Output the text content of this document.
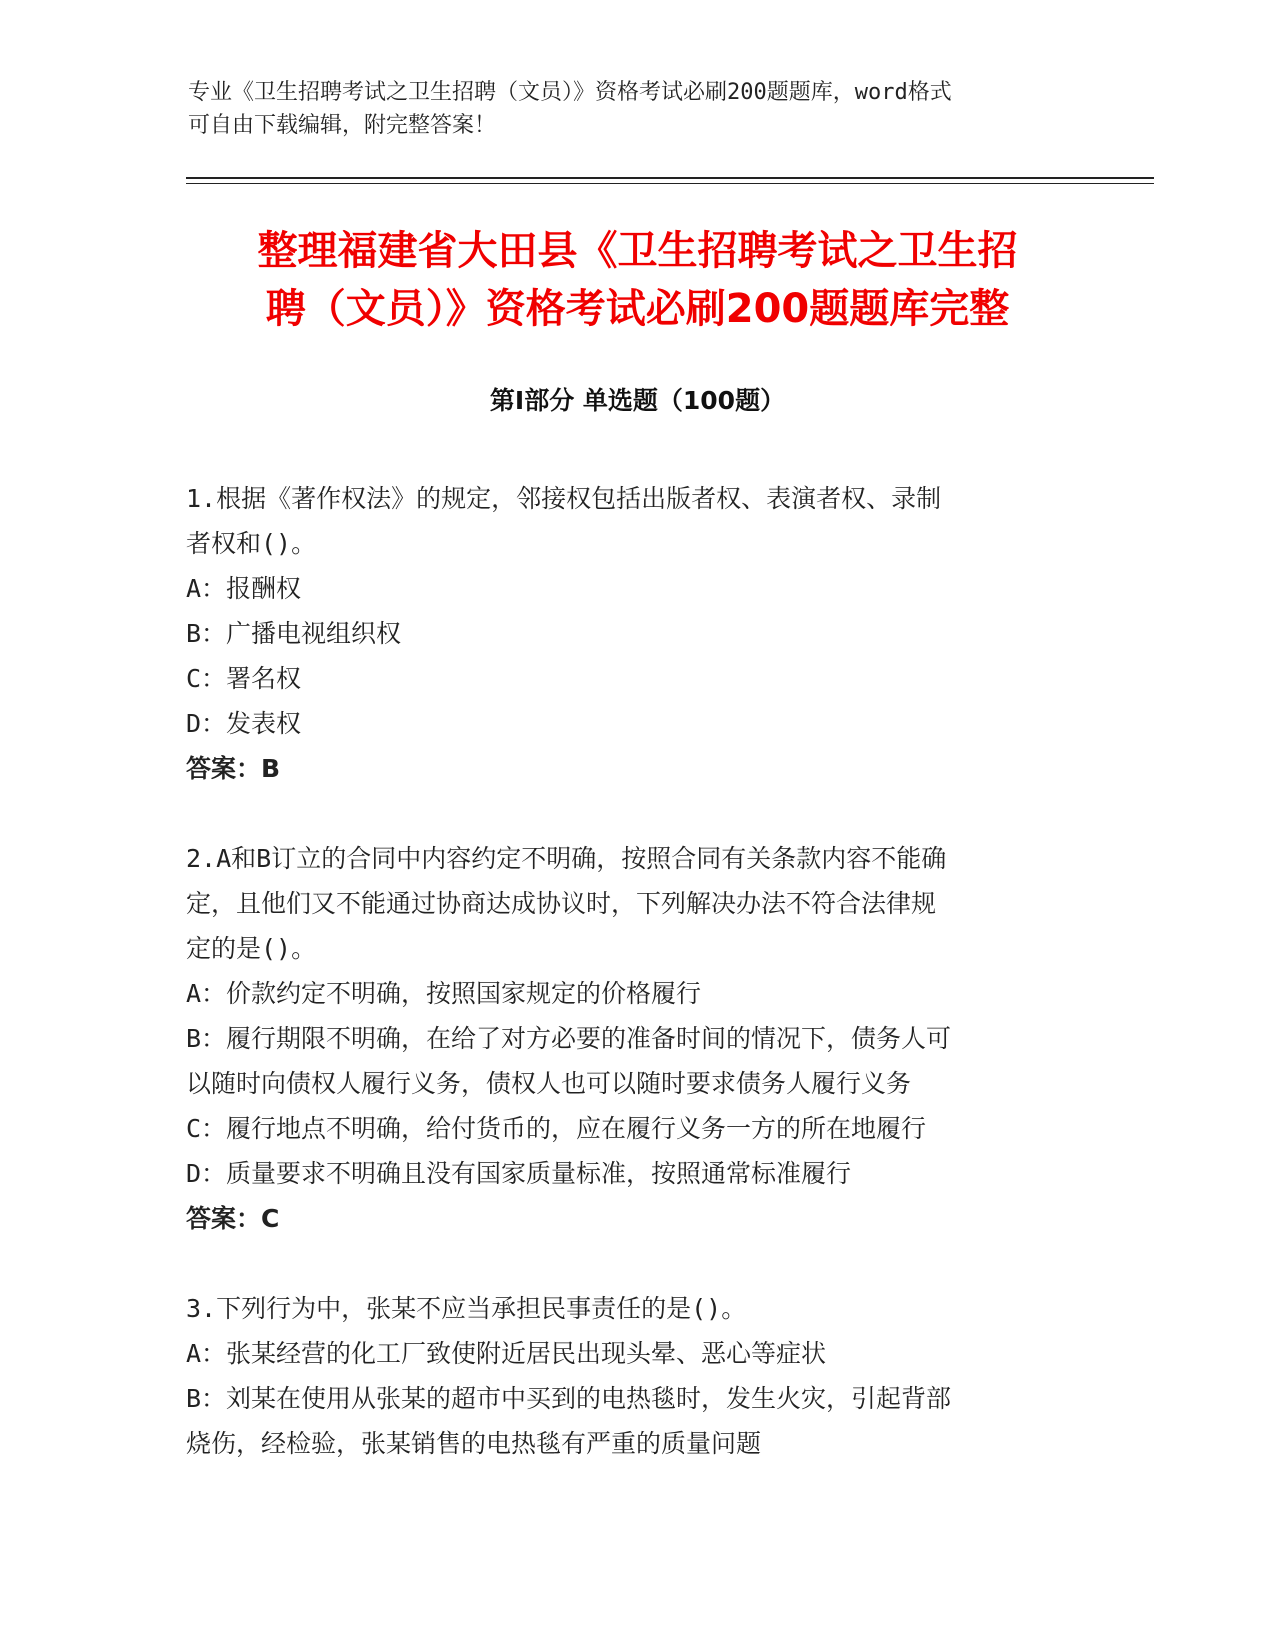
专业《卫生招聘考试之卫生招聘（文员）》资格考试必刷200题题库，word格式
可自由下载编辑，附完整答案！
整理福建省大田县《卫生招聘考试之卫生招
聘（文员）》资格考试必刷200题题库完整
第Ⅰ部分 单选题（100题）
1.根据《著作权法》的规定，邻接权包括出版者权、表演者权、录制
者权和()。
A：报酬权
B：广播电视组织权
C：署名权
D：发表权
答案：B
2.A和B订立的合同中内容约定不明确，按照合同有关条款内容不能确
定，且他们又不能通过协商达成协议时，下列解决办法不符合法律规
定的是()。
A：价款约定不明确，按照国家规定的价格履行
B：履行期限不明确，在给了对方必要的准备时间的情况下，债务人可
以随时向债权人履行义务，债权人也可以随时要求债务人履行义务
C：履行地点不明确，给付货币的，应在履行义务一方的所在地履行
D：质量要求不明确且没有国家质量标准，按照通常标准履行
答案：C
3.下列行为中，张某不应当承担民事责任的是()。
A：张某经营的化工厂致使附近居民出现头晕、恶心等症状
B：刘某在使用从张某的超市中买到的电热毯时，发生火灾，引起背部
烧伤，经检验，张某销售的电热毯有严重的质量问题
